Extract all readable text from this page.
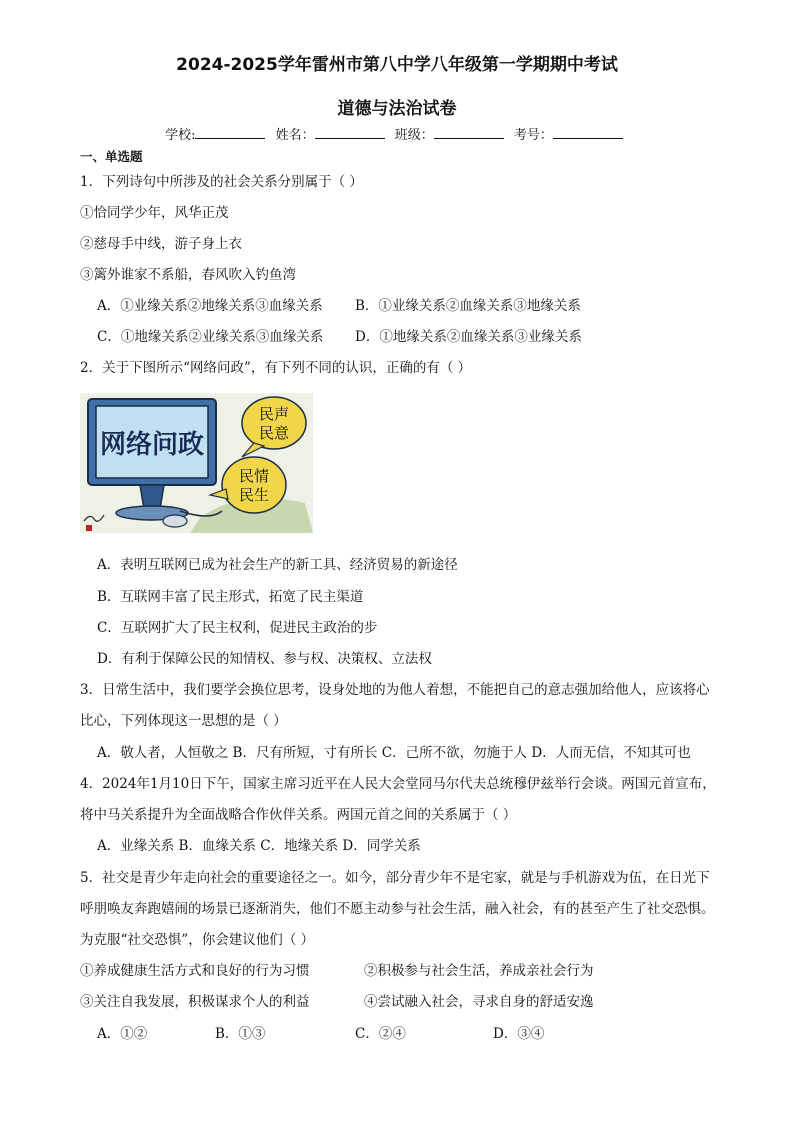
2024-2025学年雷州市第八中学八年级第一学期期中考试
道德与法治试卷
学校:	姓名：	班级：	考号：
一、单选题
1．下列诗句中所涉及的社会关系分别属于（ ）
①恰同学少年，风华正茂
②慈母手中线，游子身上衣
③篱外谁家不系船，春风吹入钓鱼湾
A．①业缘关系②地缘关系③血缘关系 B．①业缘关系②血缘关系③地缘关系
C．①地缘关系②业缘关系③血缘关系 D．①地缘关系②血缘关系③业缘关系
2．关于下图所示“网络问政”，有下列不同的认识，正确的有（ ）
网络问政
民声
民意
民情
民生
A．表明互联网已成为社会生产的新工具、经济贸易的新途径
B．互联网丰富了民主形式，拓宽了民主渠道
C．互联网扩大了民主权利，促进民主政治的步
D．有利于保障公民的知情权、参与权、决策权、立法权
3．日常生活中，我们要学会换位思考，设身处地的为他人着想，不能把自己的意志强加给他人，应该将心
比心，下列体现这一思想的是（ ）
A．敬人者，人恒敬之 B．尺有所短，寸有所长 C．己所不欲，勿施于人 D．人而无信，不知其可也
4．2024年1月10日下午，国家主席习近平在人民大会堂同马尔代夫总统穆伊兹举行会谈。两国元首宣布，
将中马关系提升为全面战略合作伙伴关系。两国元首之间的关系属于（ ）
A．业缘关系 B．血缘关系 C．地缘关系 D．同学关系
5．社交是青少年走向社会的重要途径之一。如今，部分青少年不是宅家，就是与手机游戏为伍，在日光下
呼朋唤友奔跑嬉闹的场景已逐渐消失，他们不愿主动参与社会生活，融入社会，有的甚至产生了社交恐惧。
为克服“社交恐惧”，你会建议他们（ ）
①养成健康生活方式和良好的行为习惯	②积极参与社会生活，养成亲社会行为
③关注自我发展，积极谋求个人的利益	④尝试融入社会，寻求自身的舒适安逸
A．①②	B．①③	C．②④	D．③④
